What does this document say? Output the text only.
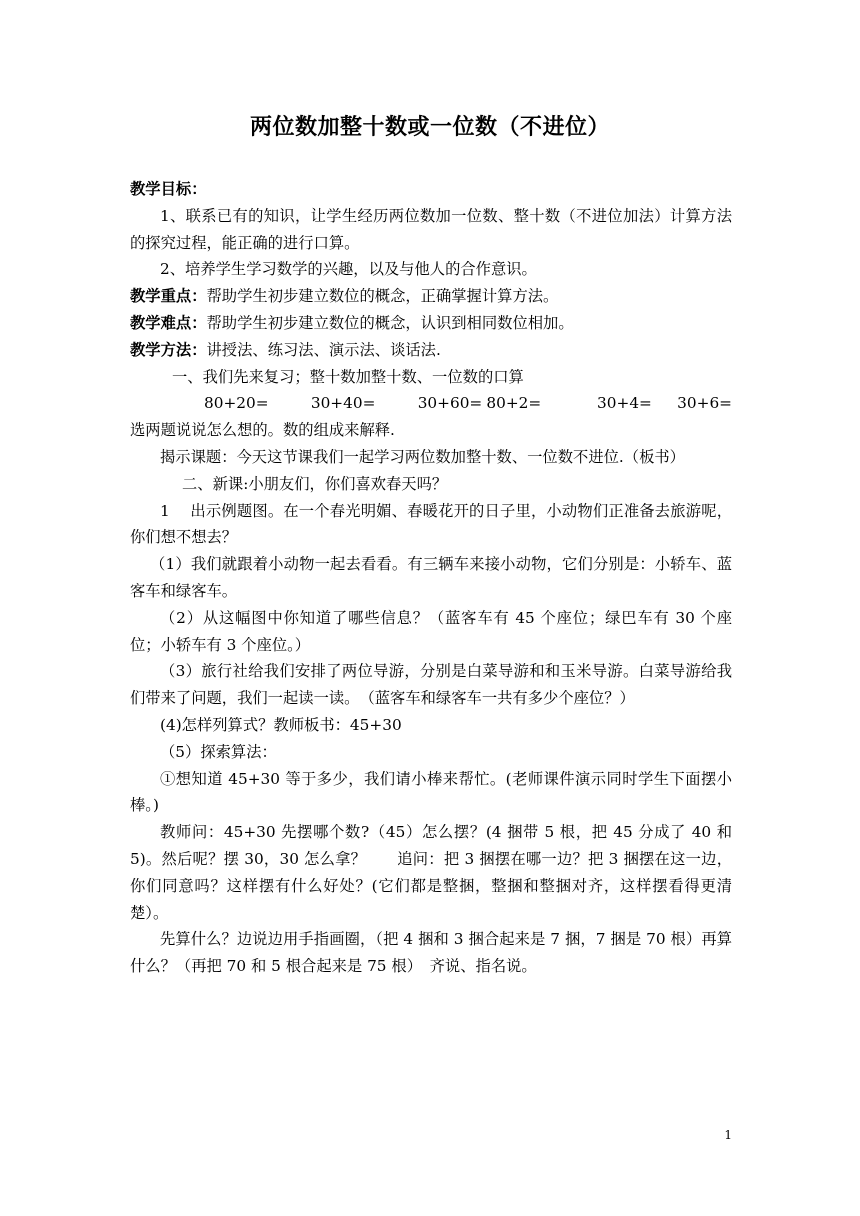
两位数加整十数或一位数（不进位）

教学目标：

1、联系已有的知识，让学生经历两位数加一位数、整十数（不进位加法）计算方法的探究过程，能正确的进行口算。

2、培养学生学习数学的兴趣，以及与他人的合作意识。

教学重点：帮助学生初步建立数位的概念，正确掌握计算方法。

教学难点：帮助学生初步建立数位的概念，认识到相同数位相加。

教学方法：讲授法、练习法、演示法、谈话法.

一、我们先来复习；整十数加整十数、一位数的口算

80+20=	30+40=	30+60= 80+2=	30+4=	30+6=

选两题说说怎么想的。数的组成来解释.

揭示课题：今天这节课我们一起学习两位数加整十数、一位数不进位.（板书）

二、新课:小朋友们，你们喜欢春天吗？

1　 出示例题图。在一个春光明媚、春暖花开的日子里，小动物们正准备去旅游呢，你们想不想去？

（1）我们就跟着小动物一起去看看。有三辆车来接小动物，它们分别是：小轿车、蓝客车和绿客车。

（2）从这幅图中你知道了哪些信息？（蓝客车有 45 个座位；绿巴车有 30 个座位；小轿车有 3 个座位。）

（3）旅行社给我们安排了两位导游，分别是白菜导游和和玉米导游。白菜导游给我们带来了问题，我们一起读一读。　（蓝客车和绿客车一共有多少个座位？）

(4)怎样列算式？教师板书：45+30

（5）探索算法：

①想知道 45+30 等于多少，我们请小棒来帮忙。(老师课件演示同时学生下面摆小棒。)

教师问：45+30 先摆哪个数?（45）怎么摆？(4 捆带 5 根，把 45 分成了 40 和 5)。然后呢？摆 30，30 怎么拿？　　追问：把 3 捆摆在哪一边？把 3 捆摆在这一边，你们同意吗？这样摆有什么好处？(它们都是整捆，整捆和整捆对齐，这样摆看得更清楚）。

先算什么？边说边用手指画圈，（把 4 捆和 3 捆合起来是 7 捆，7 捆是 70 根）再算什么？（再把 70 和 5 根合起来是 75 根）　齐说、指名说。

1
